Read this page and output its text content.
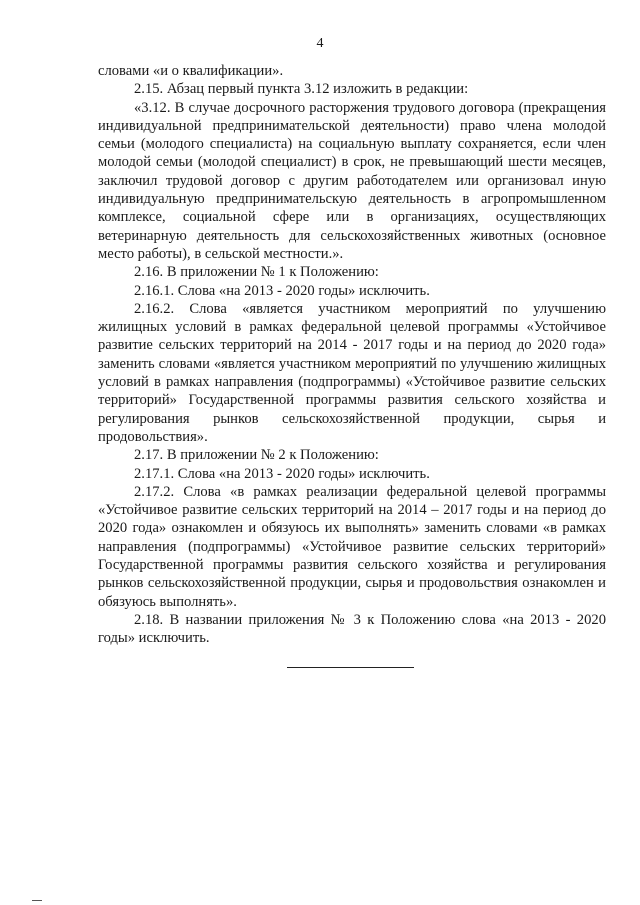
4

словами «и о квалификации».

2.15. Абзац первый пункта 3.12 изложить в редакции:

«3.12. В случае досрочного расторжения трудового договора (прекращения индивидуальной предпринимательской деятельности) право члена молодой семьи (молодого специалиста) на социальную выплату сохраняется, если член молодой семьи (молодой специалист) в срок, не превышающий шести месяцев, заключил трудовой договор с другим работодателем или организовал иную индивидуальную предпринимательскую деятельность в агропромышленном комплексе, социальной сфере или в организациях, осуществляющих ветеринарную деятельность для сельскохозяйственных животных (основное место работы), в сельской местности.».

2.16. В приложении № 1 к Положению:

2.16.1. Слова «на 2013 - 2020 годы» исключить.

2.16.2. Слова «является участником мероприятий по улучшению жилищных условий в рамках федеральной целевой программы «Устойчивое развитие сельских территорий на 2014 - 2017 годы и на период до 2020 года» заменить словами «является участником мероприятий по улучшению жилищных условий в рамках направления (подпрограммы) «Устойчивое развитие сельских территорий» Государственной программы развития сельского хозяйства и регулирования рынков сельскохозяйственной продукции, сырья и продовольствия».

2.17. В приложении № 2 к Положению:

2.17.1. Слова «на 2013 - 2020 годы» исключить.

2.17.2. Слова «в рамках реализации федеральной целевой программы «Устойчивое развитие сельских территорий на 2014 – 2017 годы и на период до 2020 года» ознакомлен и обязуюсь их выполнять» заменить словами «в рамках направления (подпрограммы) «Устойчивое развитие сельских территорий» Государственной программы развития сельского хозяйства и регулирования рынков сельскохозяйственной продукции, сырья и продовольствия ознакомлен и обязуюсь выполнять».

2.18. В названии приложения № 3 к Положению слова «на 2013 - 2020 годы» исключить.
